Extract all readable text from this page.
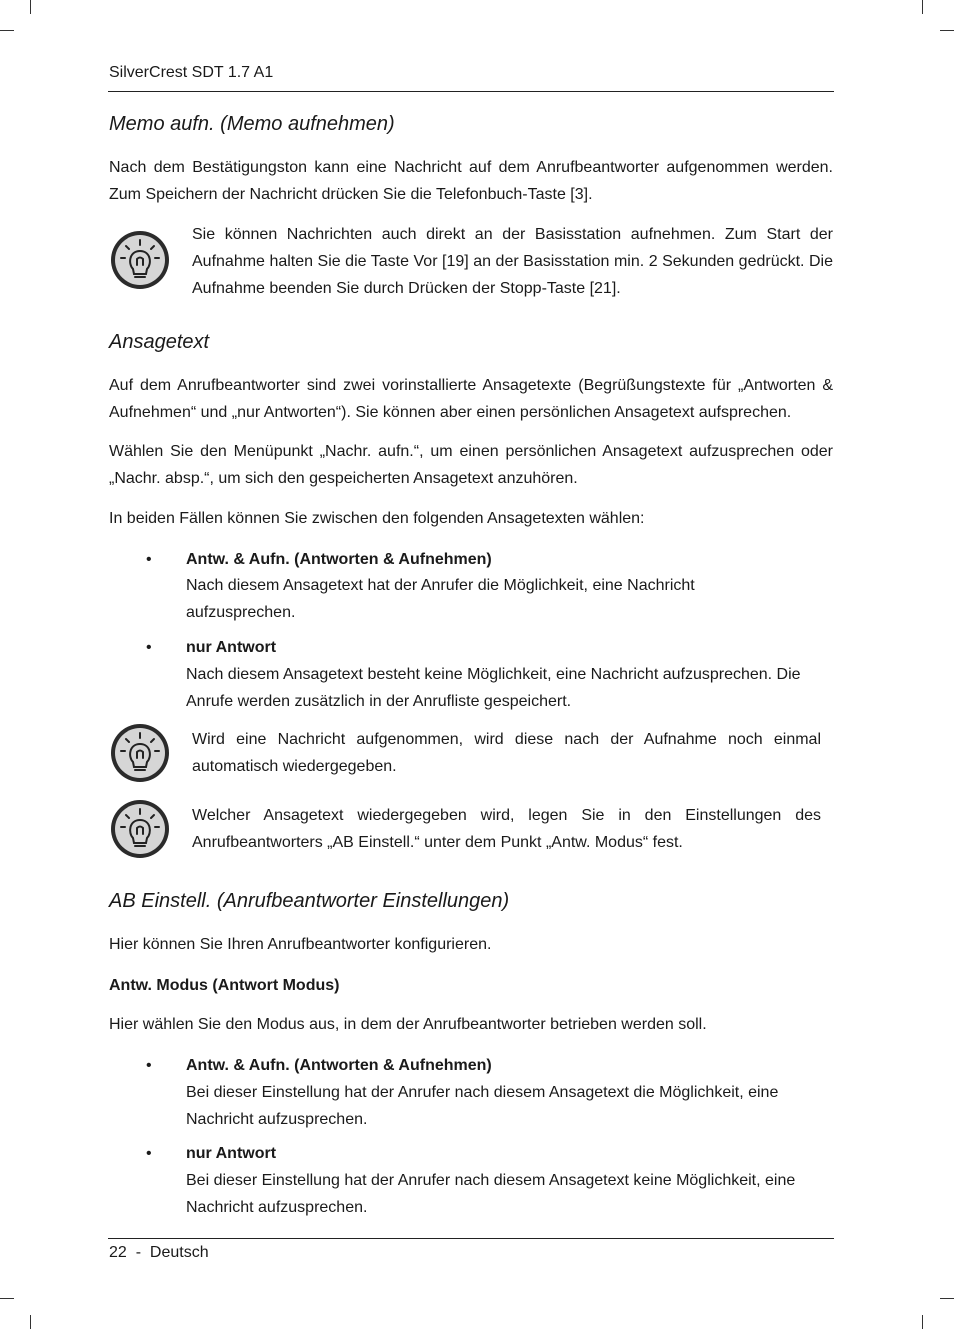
SilverCrest SDT 1.7 A1
Memo aufn. (Memo aufnehmen)
Nach dem Bestätigungston kann eine Nachricht auf dem Anrufbeantworter aufgenommen werden. Zum Speichern der Nachricht drücken Sie die Telefonbuch-Taste [3].
Sie können Nachrichten auch direkt an der Basisstation aufnehmen. Zum Start der Aufnahme halten Sie die Taste Vor [19] an der Basisstation min. 2 Sekunden gedrückt. Die Aufnahme beenden Sie durch Drücken der Stopp-Taste [21].
Ansagetext
Auf dem Anrufbeantworter sind zwei vorinstallierte Ansagetexte (Begrüßungstexte für „Antworten & Aufnehmen“ und „nur Antworten“). Sie können aber einen persönlichen Ansagetext aufsprechen.
Wählen Sie den Menüpunkt „Nachr. aufn.“, um einen persönlichen Ansagetext aufzusprechen oder „Nachr. absp.“, um sich den gespeicherten Ansagetext anzuhören.
In beiden Fällen können Sie zwischen den folgenden Ansagetexten wählen:
• Antw. & Aufn. (Antworten & Aufnehmen)
Nach diesem Ansagetext hat der Anrufer die Möglichkeit, eine Nachricht aufzusprechen.
• nur Antwort
Nach diesem Ansagetext besteht keine Möglichkeit, eine Nachricht aufzusprechen. Die Anrufe werden zusätzlich in der Anrufliste gespeichert.
Wird eine Nachricht aufgenommen, wird diese nach der Aufnahme noch einmal automatisch wiedergegeben.
Welcher Ansagetext wiedergegeben wird, legen Sie in den Einstellungen des Anrufbeantworters „AB Einstell.“ unter dem Punkt „Antw. Modus“ fest.
AB Einstell. (Anrufbeantworter Einstellungen)
Hier können Sie Ihren Anrufbeantworter konfigurieren.
Antw. Modus (Antwort Modus)
Hier wählen Sie den Modus aus, in dem der Anrufbeantworter betrieben werden soll.
• Antw. & Aufn. (Antworten & Aufnehmen)
Bei dieser Einstellung hat der Anrufer nach diesem Ansagetext die Möglichkeit, eine Nachricht aufzusprechen.
• nur Antwort
Bei dieser Einstellung hat der Anrufer nach diesem Ansagetext keine Möglichkeit, eine Nachricht aufzusprechen.
22  -  Deutsch
